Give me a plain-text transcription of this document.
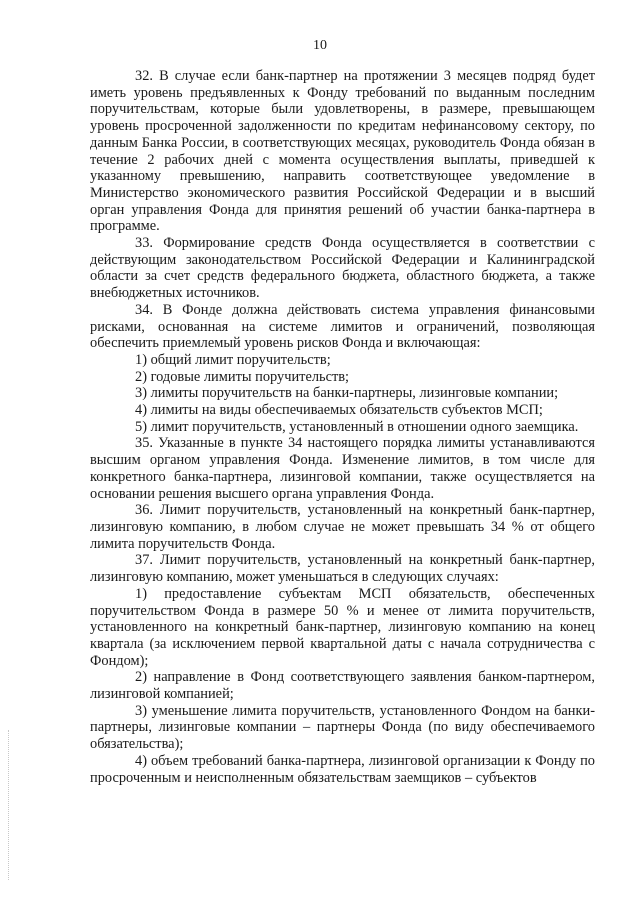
10

32. В случае если банк-партнер на протяжении 3 месяцев подряд будет иметь уровень предъявленных к Фонду требований по выданным последним поручительствам, которые были удовлетворены, в размере, превышающем уровень просроченной задолженности по кредитам нефинансовому сектору, по данным Банка России, в соответствующих месяцах, руководитель Фонда обязан в течение 2 рабочих дней с момента осуществления выплаты, приведшей к указанному превышению, направить соответствующее уведомление в Министерство экономического развития Российской Федерации и в высший орган управления Фонда для принятия решений об участии банка-партнера в программе.

33. Формирование средств Фонда осуществляется в соответствии с действующим законодательством Российской Федерации и Калининградской области за счет средств федерального бюджета, областного бюджета, а также внебюджетных источников.

34. В Фонде должна действовать система управления финансовыми рисками, основанная на системе лимитов и ограничений, позволяющая обеспечить приемлемый уровень рисков Фонда и включающая:

1) общий лимит поручительств;

2) годовые лимиты поручительств;

3) лимиты поручительств на банки-партнеры, лизинговые компании;

4) лимиты на виды обеспечиваемых обязательств субъектов МСП;

5) лимит поручительств, установленный в отношении одного заемщика.

35. Указанные в пункте 34 настоящего порядка лимиты устанавливаются высшим органом управления Фонда. Изменение лимитов, в том числе для конкретного банка-партнера, лизинговой компании, также осуществляется на основании решения высшего органа управления Фонда.

36. Лимит поручительств, установленный на конкретный банк-партнер, лизинговую компанию, в любом случае не может превышать 34 % от общего лимита поручительств Фонда.

37. Лимит поручительств, установленный на конкретный банк-партнер, лизинговую компанию, может уменьшаться в следующих случаях:

1) предоставление субъектам МСП обязательств, обеспеченных поручительством Фонда в размере 50 % и менее от лимита поручительств, установленного на конкретный банк-партнер, лизинговую компанию на конец квартала (за исключением первой квартальной даты с начала сотрудничества с Фондом);

2) направление в Фонд соответствующего заявления банком-партнером, лизинговой компанией;

3) уменьшение лимита поручительств, установленного Фондом на банки-партнеры, лизинговые компании – партнеры Фонда (по виду обеспечиваемого обязательства);

4) объем требований банка-партнера, лизинговой организации к Фонду по просроченным и неисполненным обязательствам заемщиков – субъектов
